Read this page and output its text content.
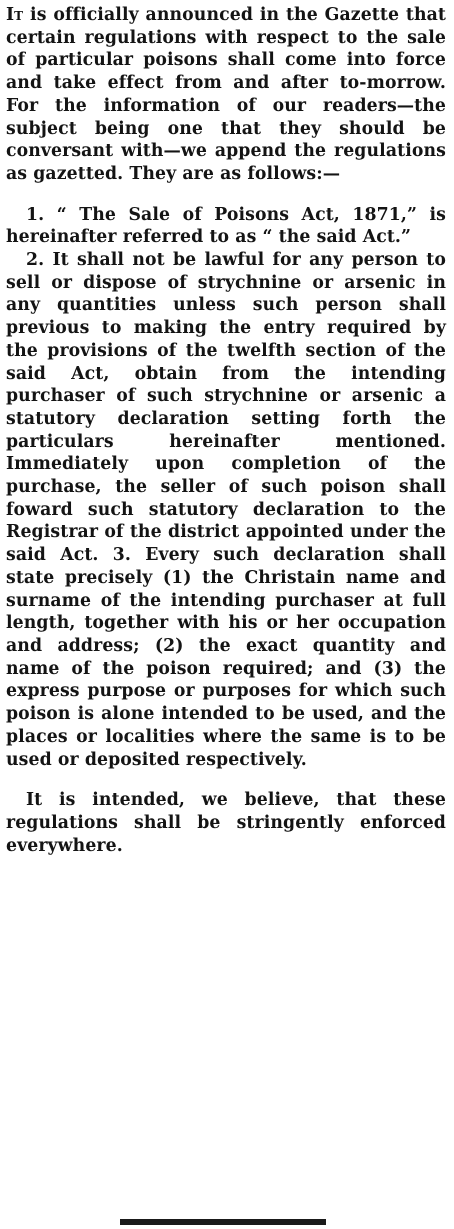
It is officially announced in the Gazette that certain regulations with respect to the sale of particular poisons shall come into force and take effect from and after to-morrow. For the information of our readers—the subject being one that they should be conversant with—we append the regulations as gazetted. They are as follows:—

1. “ The Sale of Poisons Act, 1871,” is hereinafter referred to as “ the said Act.”

2. It shall not be lawful for any person to sell or dispose of strychnine or arsenic in any quantities unless such person shall previous to making the entry required by the provisions of the twelfth section of the said Act, obtain from the intending purchaser of such strychnine or arsenic a statutory declaration setting forth the particulars hereinafter mentioned. Immediately upon completion of the purchase, the seller of such poison shall foward such statutory declaration to the Registrar of the district appointed under the said Act. 3. Every such declaration shall state precisely (1) the Christain name and surname of the intending purchaser at full length, together with his or her occupation and address; (2) the exact quantity and name of the poison required; and (3) the express purpose or purposes for which such poison is alone intended to be used, and the places or localities where the same is to be used or deposited respectively.

It is intended, we believe, that these regulations shall be stringently enforced everywhere.
